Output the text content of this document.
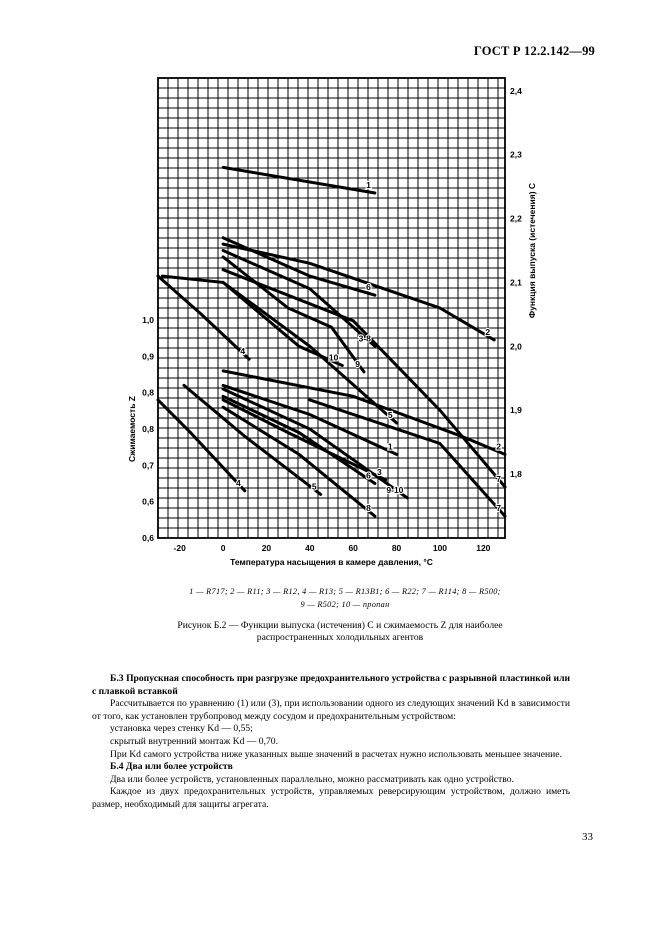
ГОСТ Р 12.2.142—99
-20	0	20	40	60	80	100	120
0,6
0,6
0,7
0,8
0,8
0,9
1,0
1,8
1,9
2,0
2,1
2,2
2,3
2,4
Температура насыщения в камере давления, °C
Сжимаемость Z
Функция выпуска (истечения) C
1
2
3-8
5
6
7
9
10
4
1	2
3
4	5
6
7
8
9-10
1 — R717; 2 — R11; 3 — R12, 4 — R13; 5 — R13B1; 6 — R22; 7 — R114; 8 — R500;
9 — R502; 10 — пропан
Рисунок Б.2 — Функции выпуска (истечения) C и сжимаемость Z для наиболее
распространенных холодильных агентов

Б.3 Пропускная способность при разгрузке предохранительного устройства с разрывной пластинкой или с плавкой вставкой

Рассчитывается по уравнению (1) или (3), при использовании одного из следующих значений Kd в зависимости от того, как установлен трубопровод между сосудом и предохранительным устройством:

установка через стенку Kd — 0,55;

скрытый внутренний монтаж Kd — 0,70.

При Kd самого устройства ниже указанных выше значений в расчетах нужно использовать меньшее значение.

Б.4 Два или более устройств

Два или более устройств, установленных параллельно, можно рассматривать как одно устройство.

Каждое из двух предохранительных устройств, управляемых реверсирующим устройством, должно иметь размер, необходимый для защиты агрегата.

33
